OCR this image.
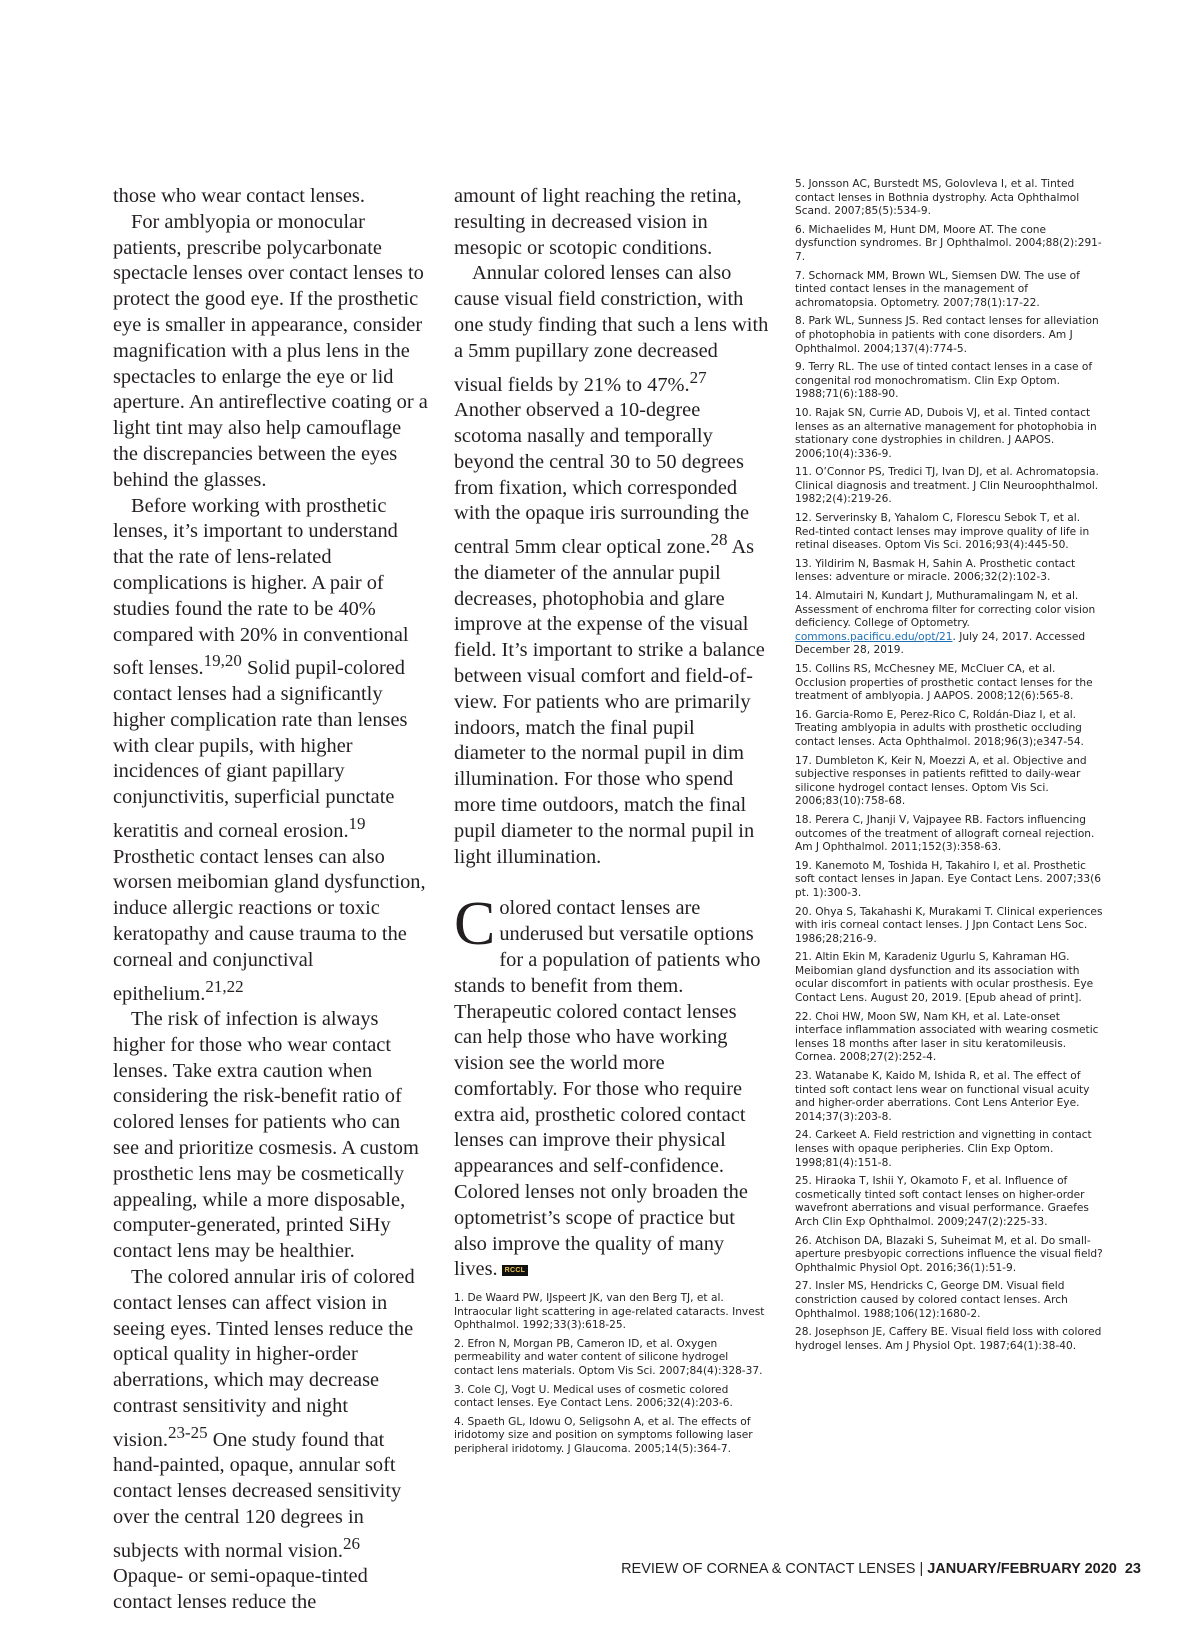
those who wear contact lenses.

For amblyopia or monocular patients, prescribe polycarbonate spectacle lenses over contact lenses to protect the good eye. If the prosthetic eye is smaller in appearance, consider magnification with a plus lens in the spectacles to enlarge the eye or lid aperture. An antireflective coating or a light tint may also help camouflage the discrepancies between the eyes behind the glasses.

Before working with prosthetic lenses, it’s important to understand that the rate of lens-related complications is higher. A pair of studies found the rate to be 40% compared with 20% in conventional soft lenses.$^{19,20}$ Solid pupil-colored contact lenses had a significantly higher complication rate than lenses with clear pupils, with higher incidences of giant papillary conjunctivitis, superficial punctate keratitis and corneal erosion.$^{19}$ Prosthetic contact lenses can also worsen meibomian gland dysfunction, induce allergic reactions or toxic keratopathy and cause trauma to the corneal and conjunctival epithelium.$^{21,22}$

The risk of infection is always higher for those who wear contact lenses. Take extra caution when considering the risk-benefit ratio of colored lenses for patients who can see and prioritize cosmesis. A custom prosthetic lens may be cosmetically appealing, while a more disposable, computer-generated, printed SiHy contact lens may be healthier.

The colored annular iris of colored contact lenses can affect vision in seeing eyes. Tinted lenses reduce the optical quality in higher-order aberrations, which may decrease contrast sensitivity and night vision.$^{23-25}$ One study found that hand-painted, opaque, annular soft contact lenses decreased sensitivity over the central 120 degrees in subjects with normal vision.$^{26}$ Opaque- or semi-opaque-tinted contact lenses reduce the

amount of light reaching the retina, resulting in decreased vision in mesopic or scotopic conditions.

Annular colored lenses can also cause visual field constriction, with one study finding that such a lens with a 5mm pupillary zone decreased visual fields by 21% to 47%.$^{27}$ Another observed a 10-degree scotoma nasally and temporally beyond the central 30 to 50 degrees from fixation, which corresponded with the opaque iris surrounding the central 5mm clear optical zone.$^{28}$ As the diameter of the annular pupil decreases, photophobia and glare improve at the expense of the visual field. It’s important to strike a balance between visual comfort and field-of-view. For patients who are primarily indoors, match the final pupil diameter to the normal pupil in dim illumination. For those who spend more time outdoors, match the final pupil diameter to the normal pupil in light illumination.

Colored contact lenses are underused but versatile options for a population of patients who stands to benefit from them. Therapeutic colored contact lenses can help those who have working vision see the world more comfortably. For those who require extra aid, prosthetic colored contact lenses can improve their physical appearances and self-confidence. Colored lenses not only broaden the optometrist’s scope of practice but also improve the quality of many lives. RCCL

1. De Waard PW, IJspeert JK, van den Berg TJ, et al. Intraocular light scattering in age-related cataracts. Invest Ophthalmol. 1992;33(3):618-25.

2. Efron N, Morgan PB, Cameron ID, et al. Oxygen permeability and water content of silicone hydrogel contact lens materials. Optom Vis Sci. 2007;84(4):328-37.

3. Cole CJ, Vogt U. Medical uses of cosmetic colored contact lenses. Eye Contact Lens. 2006;32(4):203-6.

4. Spaeth GL, Idowu O, Seligsohn A, et al. The effects of iridotomy size and position on symptoms following laser peripheral iridotomy. J Glaucoma. 2005;14(5):364-7.

5. Jonsson AC, Burstedt MS, Golovleva I, et al. Tinted contact lenses in Bothnia dystrophy. Acta Ophthalmol Scand. 2007;85(5):534-9.

6. Michaelides M, Hunt DM, Moore AT. The cone dysfunction syndromes. Br J Ophthalmol. 2004;88(2):291-7.

7. Schornack MM, Brown WL, Siemsen DW. The use of tinted contact lenses in the management of achromatopsia. Optometry. 2007;78(1):17-22.

8. Park WL, Sunness JS. Red contact lenses for alleviation of photophobia in patients with cone disorders. Am J Ophthalmol. 2004;137(4):774-5.

9. Terry RL. The use of tinted contact lenses in a case of congenital rod monochromatism. Clin Exp Optom. 1988;71(6):188-90.

10. Rajak SN, Currie AD, Dubois VJ, et al. Tinted contact lenses as an alternative management for photophobia in stationary cone dystrophies in children. J AAPOS. 2006;10(4):336-9.

11. O’Connor PS, Tredici TJ, Ivan DJ, et al. Achromatopsia. Clinical diagnosis and treatment. J Clin Neuroophthalmol. 1982;2(4):219-26.

12. Serverinsky B, Yahalom C, Florescu Sebok T, et al. Red-tinted contact lenses may improve quality of life in retinal diseases. Optom Vis Sci. 2016;93(4):445-50.

13. Yildirim N, Basmak H, Sahin A. Prosthetic contact lenses: adventure or miracle. 2006;32(2):102-3.

14. Almutairi N, Kundart J, Muthuramalingam N, et al. Assessment of enchroma filter for correcting color vision deficiency. College of Optometry. commons.pacificu.edu/opt/21. July 24, 2017. Accessed December 28, 2019.

15. Collins RS, McChesney ME, McCluer CA, et al. Occlusion properties of prosthetic contact lenses for the treatment of amblyopia. J AAPOS. 2008;12(6):565-8.

16. Garcia-Romo E, Perez-Rico C, Roldán-Diaz I, et al. Treating amblyopia in adults with prosthetic occluding contact lenses. Acta Ophthalmol. 2018;96(3);e347-54.

17. Dumbleton K, Keir N, Moezzi A, et al. Objective and subjective responses in patients refitted to daily-wear silicone hydrogel contact lenses. Optom Vis Sci. 2006;83(10):758-68.

18. Perera C, Jhanji V, Vajpayee RB. Factors influencing outcomes of the treatment of allograft corneal rejection. Am J Ophthalmol. 2011;152(3):358-63.

19. Kanemoto M, Toshida H, Takahiro I, et al. Prosthetic soft contact lenses in Japan. Eye Contact Lens. 2007;33(6 pt. 1):300-3.

20. Ohya S, Takahashi K, Murakami T. Clinical experiences with iris corneal contact lenses. J Jpn Contact Lens Soc. 1986;28;216-9.

21. Altin Ekin M, Karadeniz Ugurlu S, Kahraman HG. Meibomian gland dysfunction and its association with ocular discomfort in patients with ocular prosthesis. Eye Contact Lens. August 20, 2019. [Epub ahead of print].

22. Choi HW, Moon SW, Nam KH, et al. Late-onset interface inflammation associated with wearing cosmetic lenses 18 months after laser in situ keratomileusis. Cornea. 2008;27(2):252-4.

23. Watanabe K, Kaido M, Ishida R, et al. The effect of tinted soft contact lens wear on functional visual acuity and higher-order aberrations. Cont Lens Anterior Eye. 2014;37(3):203-8.

24. Carkeet A. Field restriction and vignetting in contact lenses with opaque peripheries. Clin Exp Optom. 1998;81(4):151-8.

25. Hiraoka T, Ishii Y, Okamoto F, et al. Influence of cosmetically tinted soft contact lenses on higher-order wavefront aberrations and visual performance. Graefes Arch Clin Exp Ophthalmol. 2009;247(2):225-33.

26. Atchison DA, Blazaki S, Suheimat M, et al. Do small-aperture presbyopic corrections influence the visual field? Ophthalmic Physiol Opt. 2016;36(1):51-9.

27. Insler MS, Hendricks C, George DM. Visual field constriction caused by colored contact lenses. Arch Ophthalmol. 1988;106(12):1680-2.

28. Josephson JE, Caffery BE. Visual field loss with colored hydrogel lenses. Am J Physiol Opt. 1987;64(1):38-40.

REVIEW OF CORNEA & CONTACT LENSES | JANUARY/FEBRUARY 2020 23
